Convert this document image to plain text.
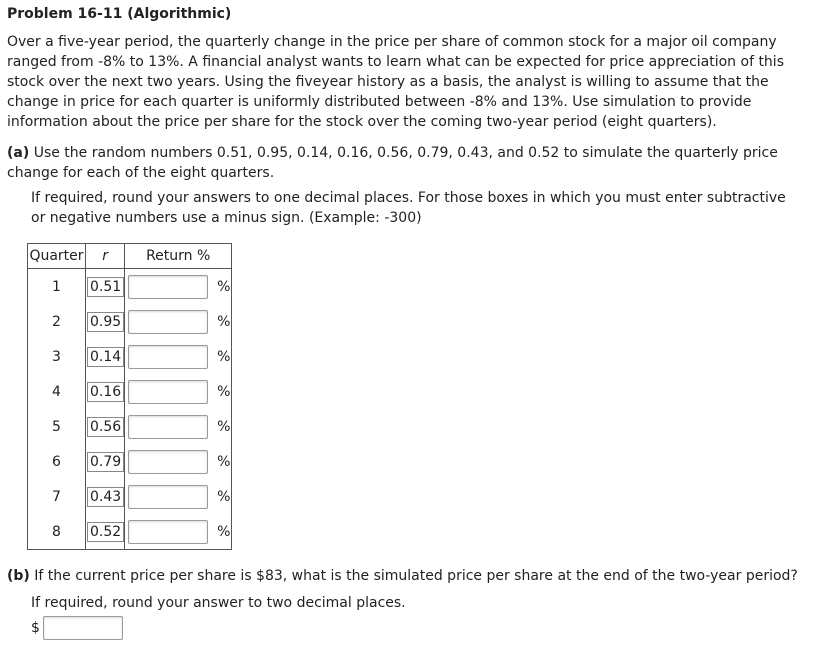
Problem 16-11 (Algorithmic)
Over a five-year period, the quarterly change in the price per share of common stock for a major oil company ranged from -8% to 13%. A financial analyst wants to learn what can be expected for price appreciation of this stock over the next two years. Using the fiveyear history as a basis, the analyst is willing to assume that the change in price for each quarter is uniformly distributed between -8% and 13%. Use simulation to provide information about the price per share for the stock over the coming two-year period (eight quarters).
(a) Use the random numbers 0.51, 0.95, 0.14, 0.16, 0.56, 0.79, 0.43, and 0.52 to simulate the quarterly price change for each of the eight quarters.
If required, round your answers to one decimal places. For those boxes in which you must enter subtractive or negative numbers use a minus sign. (Example: -300)
Quarter	r	Return %	
1	0.51		%
2	0.95		%
3	0.14		%
4	0.16		%
5	0.56		%
6	0.79		%
7	0.43		%
8	0.52		%
(b) If the current price per share is $83, what is the simulated price per share at the end of the two-year period?
If required, round your answer to two decimal places.
$
